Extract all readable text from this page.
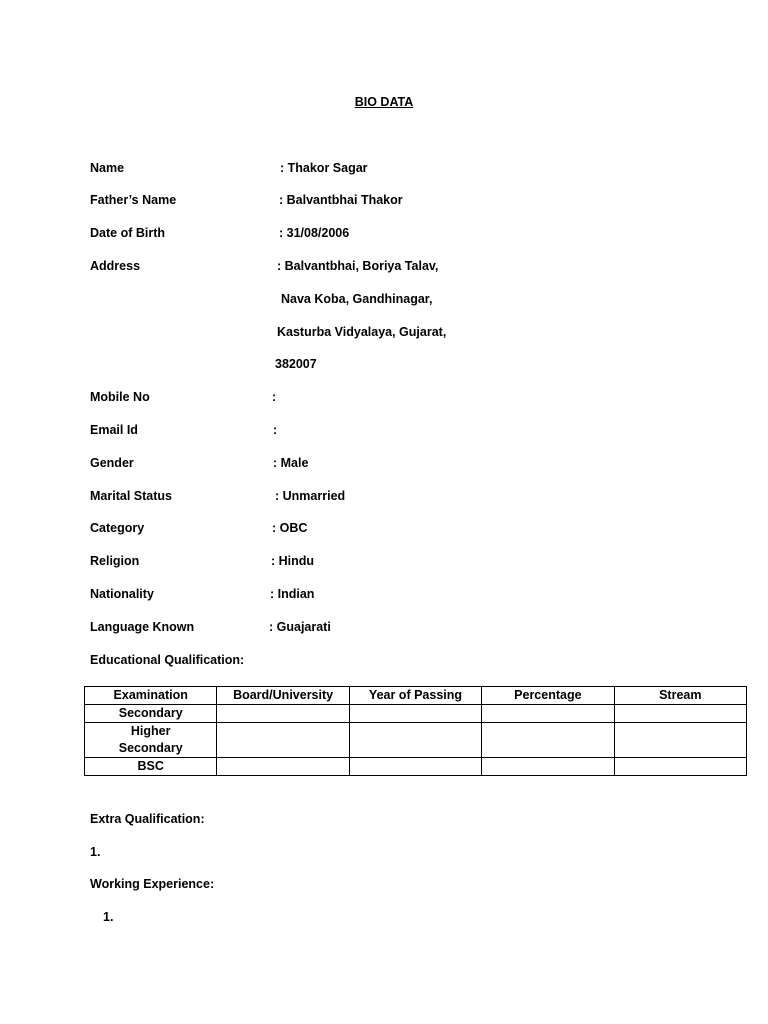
BIO DATA
Name	: Thakor Sagar
Father’s Name	: Balvantbhai Thakor
Date of Birth	: 31/08/2006
Address	: Balvantbhai, Boriya Talav,
Nava Koba, Gandhinagar,
Kasturba Vidyalaya, Gujarat,
382007
Mobile No	:
Email Id	:
Gender	: Male
Marital Status	: Unmarried
Category	: OBC
Religion	: Hindu
Nationality	: Indian
Language Known	: Guajarati
Educational Qualification:
Examination	Board/University	Year of Passing	Percentage	Stream
Secondary				
Higher Secondary				
BSC				
Extra Qualification:
1.
Working Experience:
1.
